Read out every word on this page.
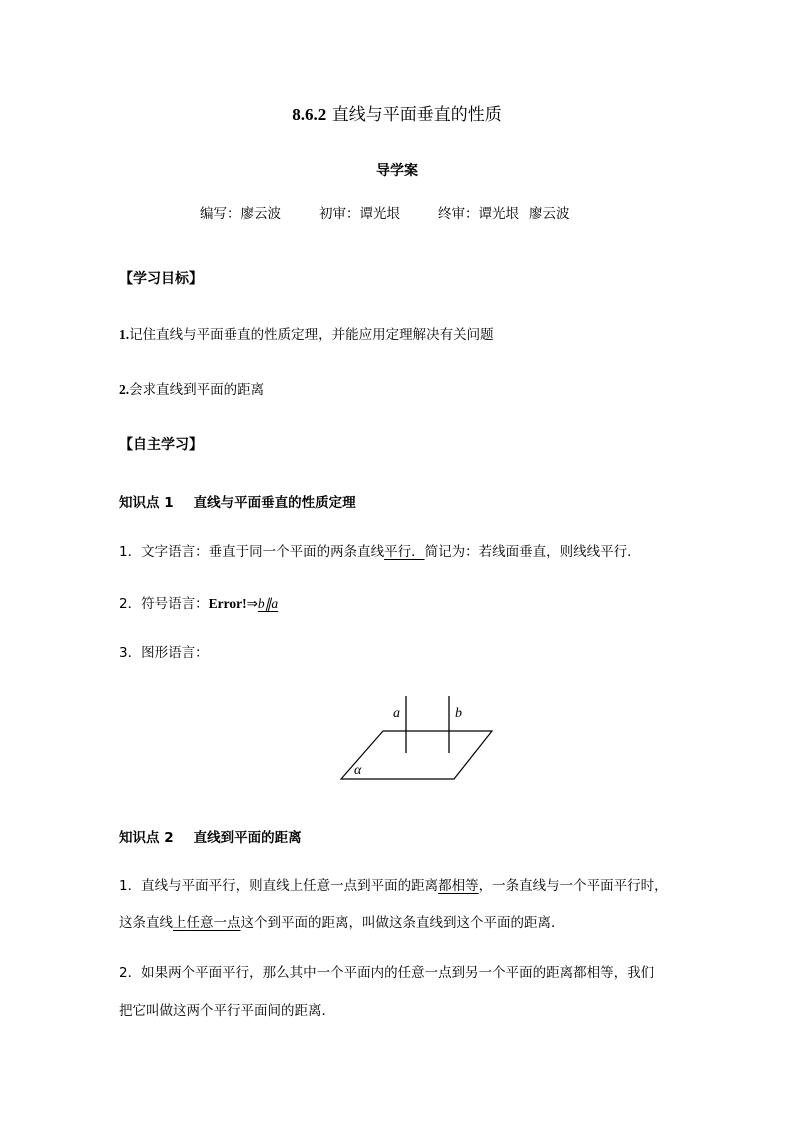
8.6.2 直线与平面垂直的性质
导学案
编写：廖云波	初审：谭光垠	终审：谭光垠 廖云波
【学习目标】
1.记住直线与平面垂直的性质定理，并能应用定理解决有关问题
2.会求直线到平面的距离
【自主学习】
知识点 1 直线与平面垂直的性质定理
1．文字语言：垂直于同一个平面的两条直线平行．简记为：若线面垂直，则线线平行．
2．符号语言：Error!⇒b∥a
3．图形语言：
a	b
α
知识点 2 直线到平面的距离
1．直线与平面平行，则直线上任意一点到平面的距离都相等，一条直线与一个平面平行时，
这条直线上任意一点这个到平面的距离，叫做这条直线到这个平面的距离．
2．如果两个平面平行，那么其中一个平面内的任意一点到另一个平面的距离都相等，我们
把它叫做这两个平行平面间的距离．
